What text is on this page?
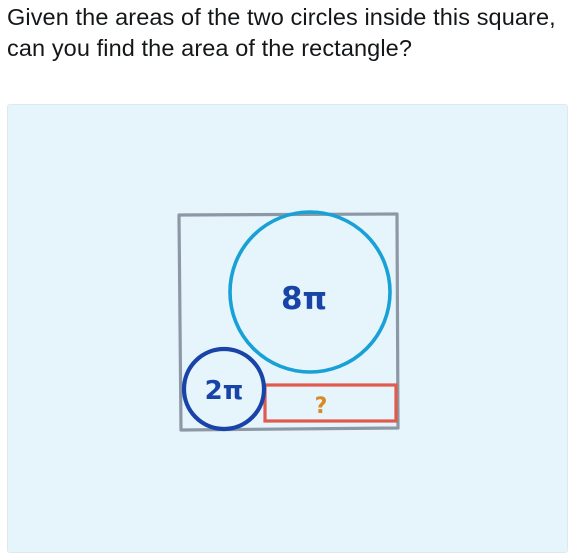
Given the areas of the two circles inside this square, can you find the area of the rectangle?

8π
2π
?
